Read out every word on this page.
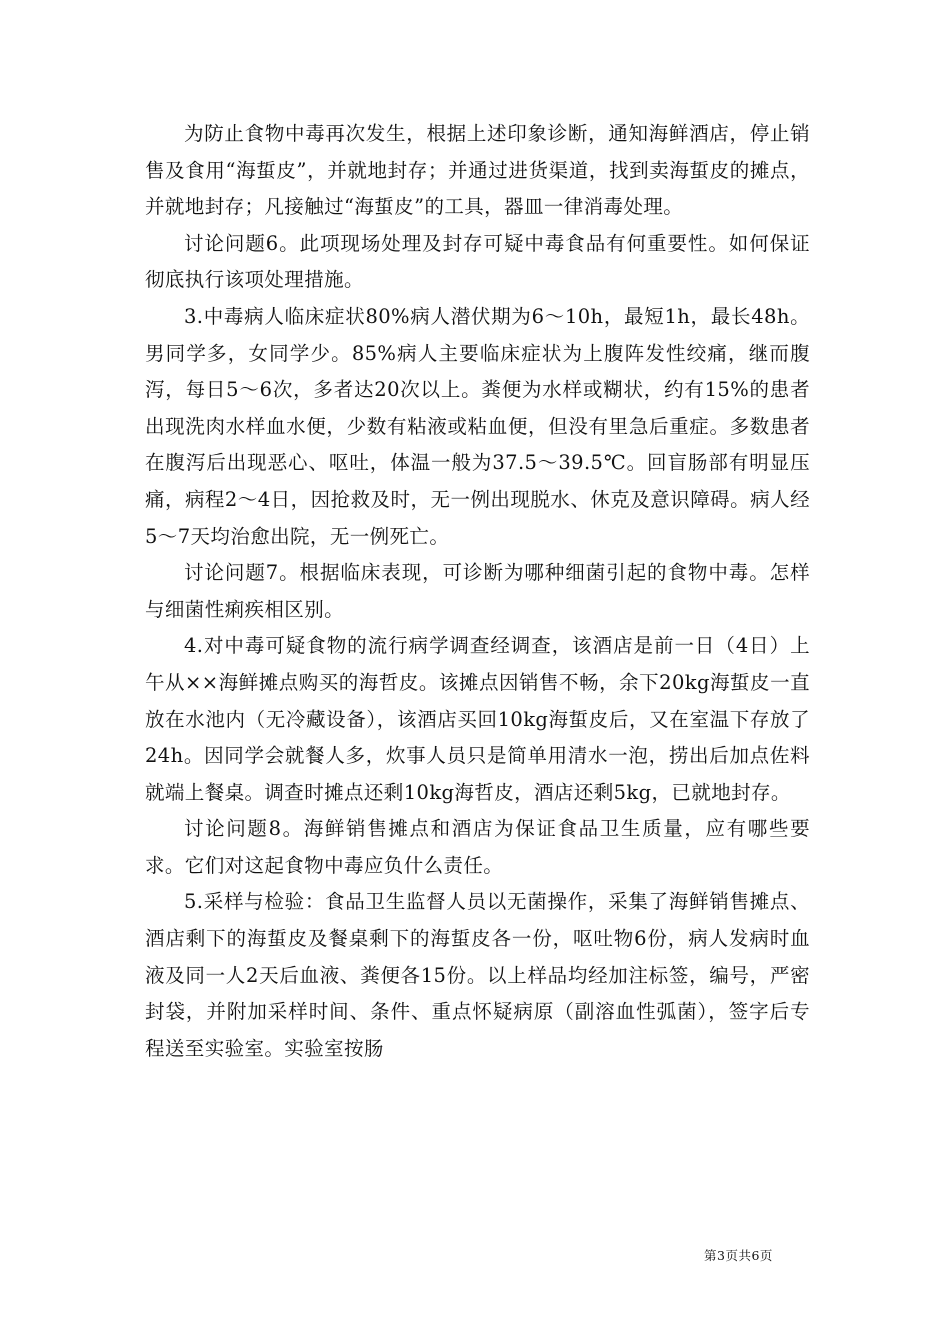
为防止食物中毒再次发生，根据上述印象诊断，通知海鲜酒店，停止销售及食用“海蜇皮”，并就地封存；并通过进货渠道，找到卖海蜇皮的摊点，并就地封存；凡接触过“海蜇皮”的工具，器皿一律消毒处理。

讨论问题6。此项现场处理及封存可疑中毒食品有何重要性。如何保证彻底执行该项处理措施。

3.中毒病人临床症状80%病人潜伏期为6～10h，最短1h，最长48h。男同学多，女同学少。85%病人主要临床症状为上腹阵发性绞痛，继而腹泻，每日5～6次，多者达20次以上。粪便为水样或糊状，约有15%的患者出现洗肉水样血水便，少数有粘液或粘血便，但没有里急后重症。多数患者在腹泻后出现恶心、呕吐，体温一般为37.5～39.5℃。回盲肠部有明显压痛，病程2～4日，因抢救及时，无一例出现脱水、休克及意识障碍。病人经5～7天均治愈出院，无一例死亡。

讨论问题7。根据临床表现，可诊断为哪种细菌引起的食物中毒。怎样与细菌性痢疾相区别。

4.对中毒可疑食物的流行病学调查经调查，该酒店是前一日（4日）上午从××海鲜摊点购买的海哲皮。该摊点因销售不畅，余下20kg海蜇皮一直放在水池内（无冷藏设备），该酒店买回10kg海蜇皮后，又在室温下存放了24h。因同学会就餐人多，炊事人员只是简单用清水一泡，捞出后加点佐料就端上餐桌。调查时摊点还剩10kg海哲皮，酒店还剩5kg，已就地封存。

讨论问题8。海鲜销售摊点和酒店为保证食品卫生质量，应有哪些要求。它们对这起食物中毒应负什么责任。

5.采样与检验：食品卫生监督人员以无菌操作，采集了海鲜销售摊点、酒店剩下的海蜇皮及餐桌剩下的海蜇皮各一份，呕吐物6份，病人发病时血液及同一人2天后血液、粪便各15份。以上样品均经加注标签，编号，严密封袋，并附加采样时间、条件、重点怀疑病原（副溶血性弧菌），签字后专程送至实验室。实验室按肠

第3页共6页
